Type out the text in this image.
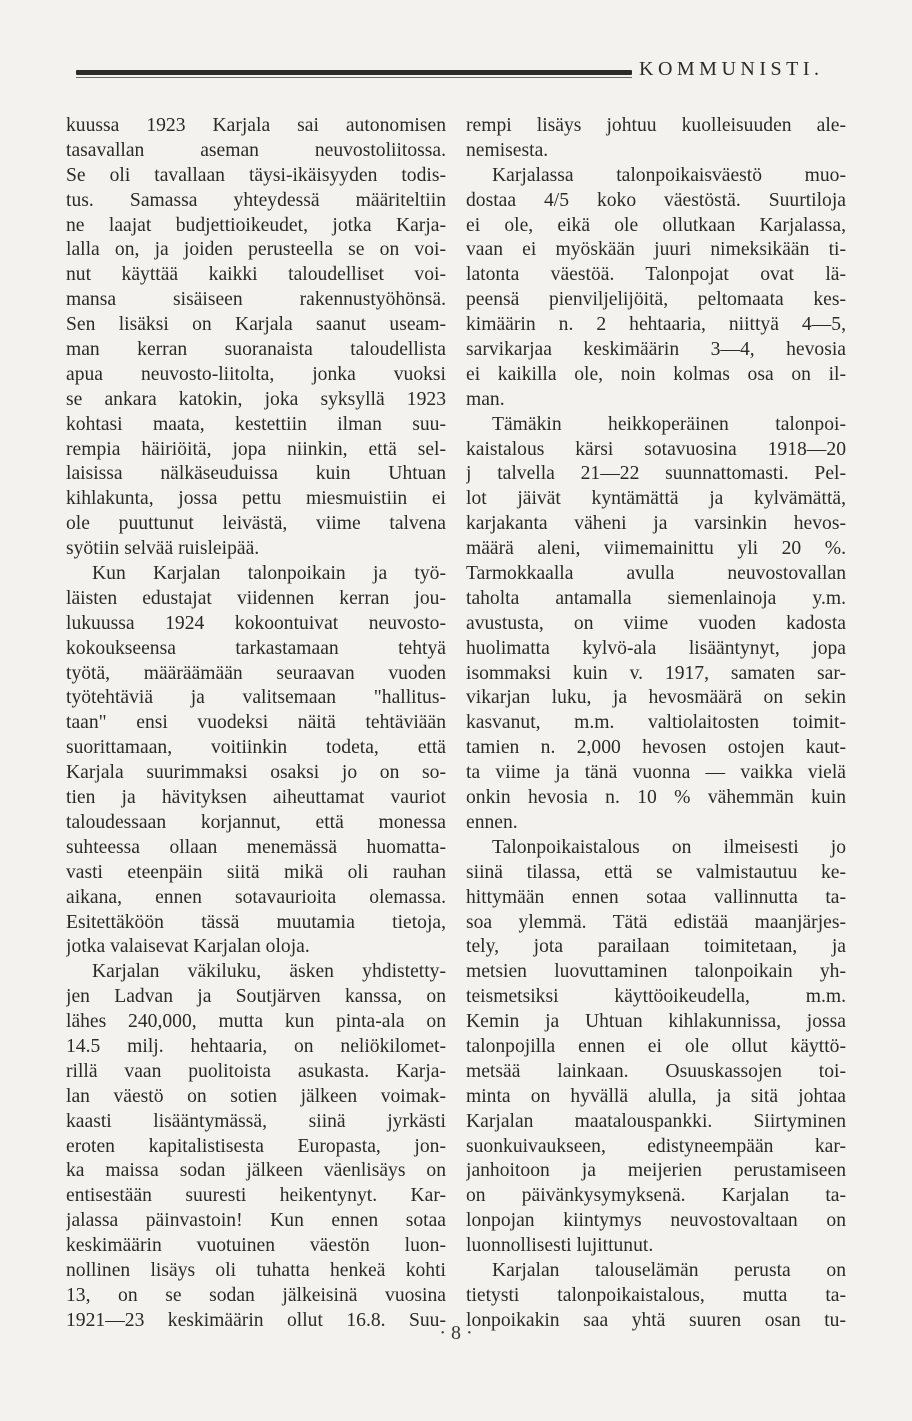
KOMMUNISTI.
kuussa 1923 Karjala sai autonomisen
tasavallan aseman neuvostoliitossa.
Se oli tavallaan täysi-ikäisyyden todis-
tus. Samassa yhteydessä määriteltiin
ne laajat budjettioikeudet, jotka Karja-
lalla on, ja joiden perusteella se on voi-
nut käyttää kaikki taloudelliset voi-
mansa sisäiseen rakennustyöhönsä.
Sen lisäksi on Karjala saanut useam-
man kerran suoranaista taloudellista
apua neuvosto-liitolta, jonka vuoksi
se ankara katokin, joka syksyllä 1923
kohtasi maata, kestettiin ilman suu-
rempia häiriöitä, jopa niinkin, että sel-
laisissa nälkäseuduissa kuin Uhtuan
kihlakunta, jossa pettu miesmuistiin ei
ole puuttunut leivästä, viime talvena
syötiin selvää ruisleipää.
Kun Karjalan talonpoikain ja työ-
läisten edustajat viidennen kerran jou-
lukuussa 1924 kokoontuivat neuvosto-
kokoukseensa tarkastamaan tehtyä
työtä, määräämään seuraavan vuoden
työtehtäviä ja valitsemaan "hallitus-
taan" ensi vuodeksi näitä tehtäviään
suorittamaan, voitiinkin todeta, että
Karjala suurimmaksi osaksi jo on so-
tien ja hävityksen aiheuttamat vauriot
taloudessaan korjannut, että monessa
suhteessa ollaan menemässä huomatta-
vasti eteenpäin siitä mikä oli rauhan
aikana, ennen sotavaurioita olemassa.
Esitettäköön tässä muutamia tietoja,
jotka valaisevat Karjalan oloja.
Karjalan väkiluku, äsken yhdistetty-
jen Ladvan ja Soutjärven kanssa, on
lähes 240,000, mutta kun pinta-ala on
14.5 milj. hehtaaria, on neliökilomet-
rillä vaan puolitoista asukasta. Karja-
lan väestö on sotien jälkeen voimak-
kaasti lisääntymässä, siinä jyrkästi
eroten kapitalistisesta Europasta, jon-
ka maissa sodan jälkeen väenlisäys on
entisestään suuresti heikentynyt. Kar-
jalassa päinvastoin! Kun ennen sotaa
keskimäärin vuotuinen väestön luon-
nollinen lisäys oli tuhatta henkeä kohti
13, on se sodan jälkeisinä vuosina
1921—23 keskimäärin ollut 16.8. Suu-
rempi lisäys johtuu kuolleisuuden ale-
nemisesta.
Karjalassa talonpoikaisväestö muo-
dostaa 4/5 koko väestöstä. Suurtiloja
ei ole, eikä ole ollutkaan Karjalassa,
vaan ei myöskään juuri nimeksikään ti-
latonta väestöä. Talonpojat ovat lä-
peensä pienviljelijöitä, peltomaata kes-
kimäärin n. 2 hehtaaria, niittyä 4—5,
sarvikarjaa keskimäärin 3—4, hevosia
ei kaikilla ole, noin kolmas osa on il-
man.
Tämäkin heikkoperäinen talonpoi-
kaistalous kärsi sotavuosina 1918—20
j talvella 21—22 suunnattomasti. Pel-
lot jäivät kyntämättä ja kylvämättä,
karjakanta väheni ja varsinkin hevos-
määrä aleni, viimemainittu yli 20 %.
Tarmokkaalla avulla neuvostovallan
taholta antamalla siemenlainoja y.m.
avustusta, on viime vuoden kadosta
huolimatta kylvö-ala lisääntynyt, jopa
isommaksi kuin v. 1917, samaten sar-
vikarjan luku, ja hevosmäärä on sekin
kasvanut, m.m. valtiolaitosten toimit-
tamien n. 2,000 hevosen ostojen kaut-
ta viime ja tänä vuonna — vaikka vielä
onkin hevosia n. 10 % vähemmän kuin
ennen.
Talonpoikaistalous on ilmeisesti jo
siinä tilassa, että se valmistautuu ke-
hittymään ennen sotaa vallinnutta ta-
soa ylemmä. Tätä edistää maanjärjes-
tely, jota parailaan toimitetaan, ja
metsien luovuttaminen talonpoikain yh-
teismetsiksi käyttöoikeudella, m.m.
Kemin ja Uhtuan kihlakunnissa, jossa
talonpojilla ennen ei ole ollut käyttö-
metsää lainkaan. Osuuskassojen toi-
minta on hyvällä alulla, ja sitä johtaa
Karjalan maatalouspankki. Siirtyminen
suonkuivaukseen, edistyneempään kar-
janhoitoon ja meijerien perustamiseen
on päivänkysymyksenä. Karjalan ta-
lonpojan kiintymys neuvostovaltaan on
luonnollisesti lujittunut.
Karjalan talouselämän perusta on
tietysti talonpoikaistalous, mutta ta-
lonpoikakin saa yhtä suuren osan tu-
· 8 ·
